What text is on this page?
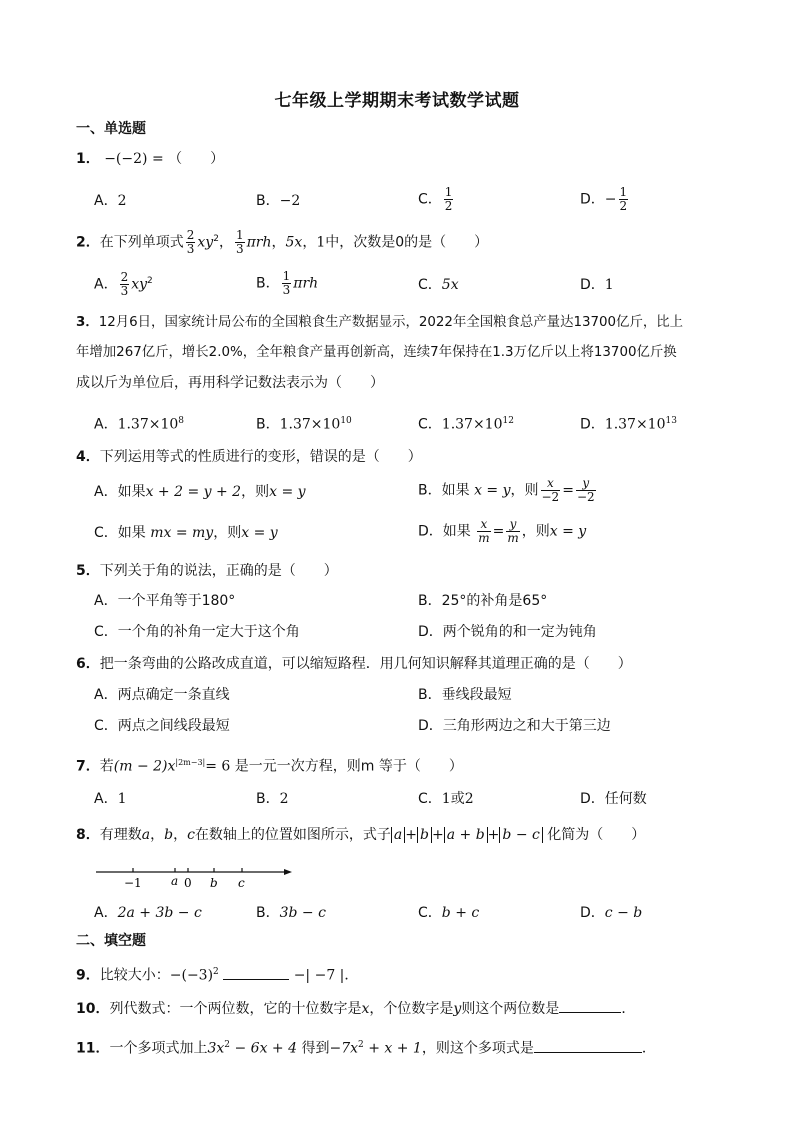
七年级上学期期末考试数学试题
一、单选题
1． −(−2) = （　　）
A．2	B．−2	C． $\frac{1}{2}$	D．− $\frac{1}{2}$
2．在下列单项式 $\frac{2}{3} xy^2$， $\frac{1}{3}$ πrh，5x，1中，次数是0的是（　　）
A． $\frac{2}{3} xy^2$	B． $\frac{1}{3}$ πrh	C．5x	D．1
3．12月6日，国家统计局公布的全国粮食生产数据显示，2022年全国粮食总产量达13700亿斤，比上
年增加267亿斤，增长2.0%，全年粮食产量再创新高，连续7年保持在1.3万亿斤以上将13700亿斤换
成以斤为单位后，再用科学记数法表示为（　　）
A．$1.37\times 10^8$	B．$1.37\times 10^{10}$	C．$1.37\times 10^{12}$	D．$1.37\times 10^{13}$
4．下列运用等式的性质进行的变形，错误的是（　　）
A．如果x + 2 = y + 2，则x = y	B．如果 x = y，则 $\frac{x}{-2} = \frac{y}{-2}$
C．如果 mx = my，则x = y	D．如果 $\frac{x}{m} = \frac{y}{m}$ ，则x = y
5．下列关于角的说法，正确的是（　　）
A．一个平角等于180°	B．25°的补角是65°
C．一个角的补角一定大于这个角	D．两个锐角的和一定为钝角
6．把一条弯曲的公路改成直道，可以缩短路程．用几何知识解释其道理正确的是（　　）
A．两点确定一条直线	B．垂线段最短
C．两点之间线段最短	D．三角形两边之和大于第三边
7．若$(m - 2)x^{|2m-3|}= 6$ 是一元一次方程，则m 等于（　　）
A．1	B．2	C．1或2	D．任何数
8．有理数a，b，c在数轴上的位置如图所示，式子 a + b + a + b + b − c 化简为（　　）
−1 a 0 b c
A．2a + 3b − c	B．3b − c	C．b + c	D．c − b
二、填空题
9．比较大小：$-(-3)^2$	−| −7 |．
10．列代数式：一个两位数，它的十位数字是x，个位数字是y则这个两位数是	．
11．一个多项式加上$3x^2 - 6x + 4$ 得到$-7x^2 + x + 1$，则这个多项式是	．
